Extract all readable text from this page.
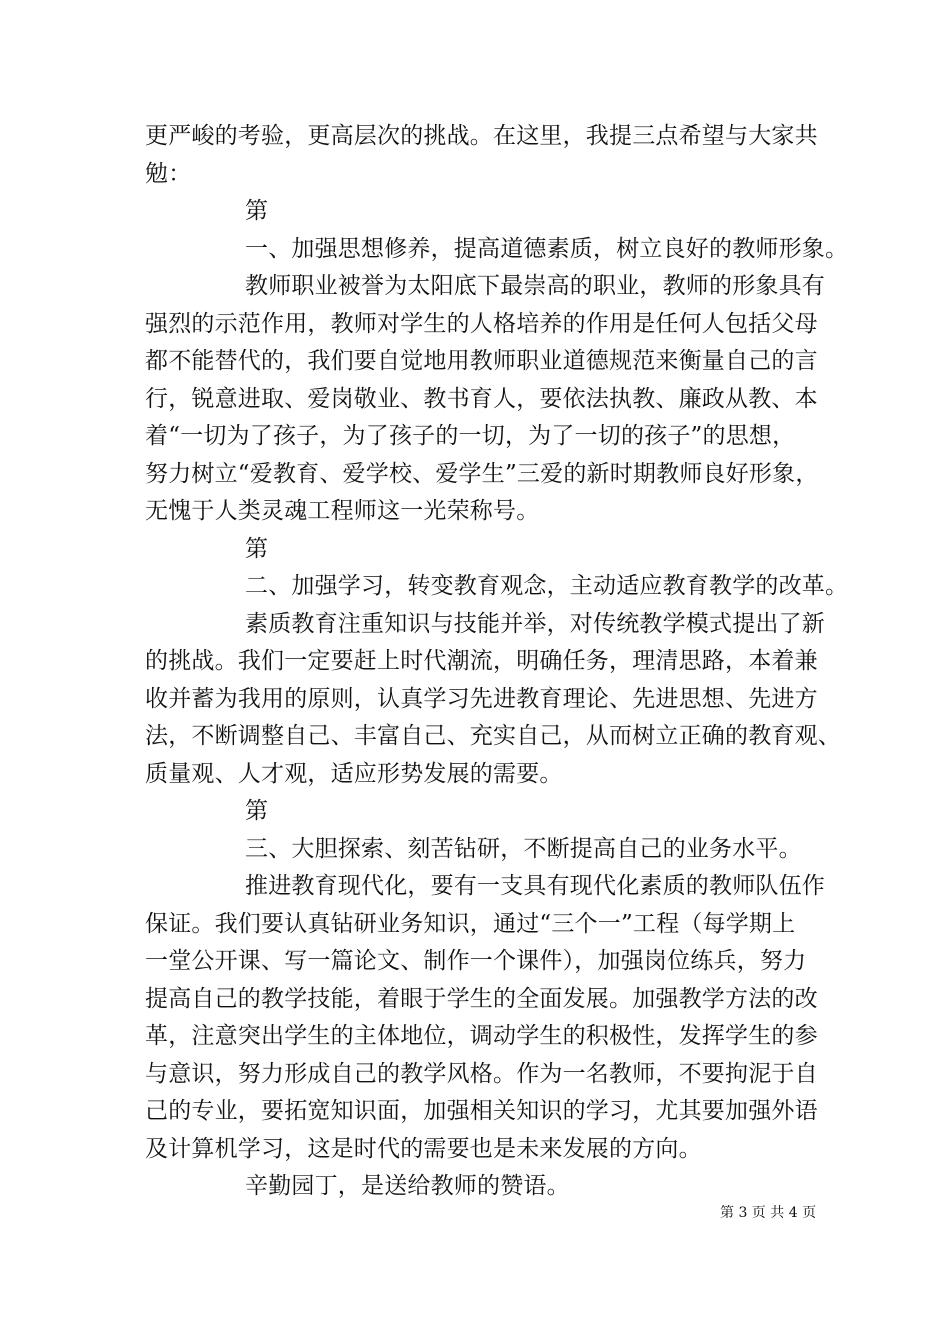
更严峻的考验，更高层次的挑战。在这里，我提三点希望与大家共
勉：
第
一、加强思想修养，提高道德素质，树立良好的教师形象。
教师职业被誉为太阳底下最崇高的职业，教师的形象具有
强烈的示范作用，教师对学生的人格培养的作用是任何人包括父母
都不能替代的，我们要自觉地用教师职业道德规范来衡量自己的言
行，锐意进取、爱岗敬业、教书育人，要依法执教、廉政从教、本
着“一切为了孩子，为了孩子的一切，为了一切的孩子”的思想，
努力树立“爱教育、爱学校、爱学生”三爱的新时期教师良好形象，
无愧于人类灵魂工程师这一光荣称号。
第
二、加强学习，转变教育观念，主动适应教育教学的改革。
素质教育注重知识与技能并举，对传统教学模式提出了新
的挑战。我们一定要赶上时代潮流，明确任务，理清思路，本着兼
收并蓄为我用的原则，认真学习先进教育理论、先进思想、先进方
法，不断调整自己、丰富自己、充实自己，从而树立正确的教育观、
质量观、人才观，适应形势发展的需要。
第
三、大胆探索、刻苦钻研，不断提高自己的业务水平。
推进教育现代化，要有一支具有现代化素质的教师队伍作
保证。我们要认真钻研业务知识，通过“三个一”工程（每学期上
一堂公开课、写一篇论文、制作一个课件），加强岗位练兵，努力
提高自己的教学技能，着眼于学生的全面发展。加强教学方法的改
革，注意突出学生的主体地位，调动学生的积极性，发挥学生的参
与意识，努力形成自己的教学风格。作为一名教师，不要拘泥于自
己的专业，要拓宽知识面，加强相关知识的学习，尤其要加强外语
及计算机学习，这是时代的需要也是未来发展的方向。
辛勤园丁，是送给教师的赞语。
第 3 页 共 4 页
